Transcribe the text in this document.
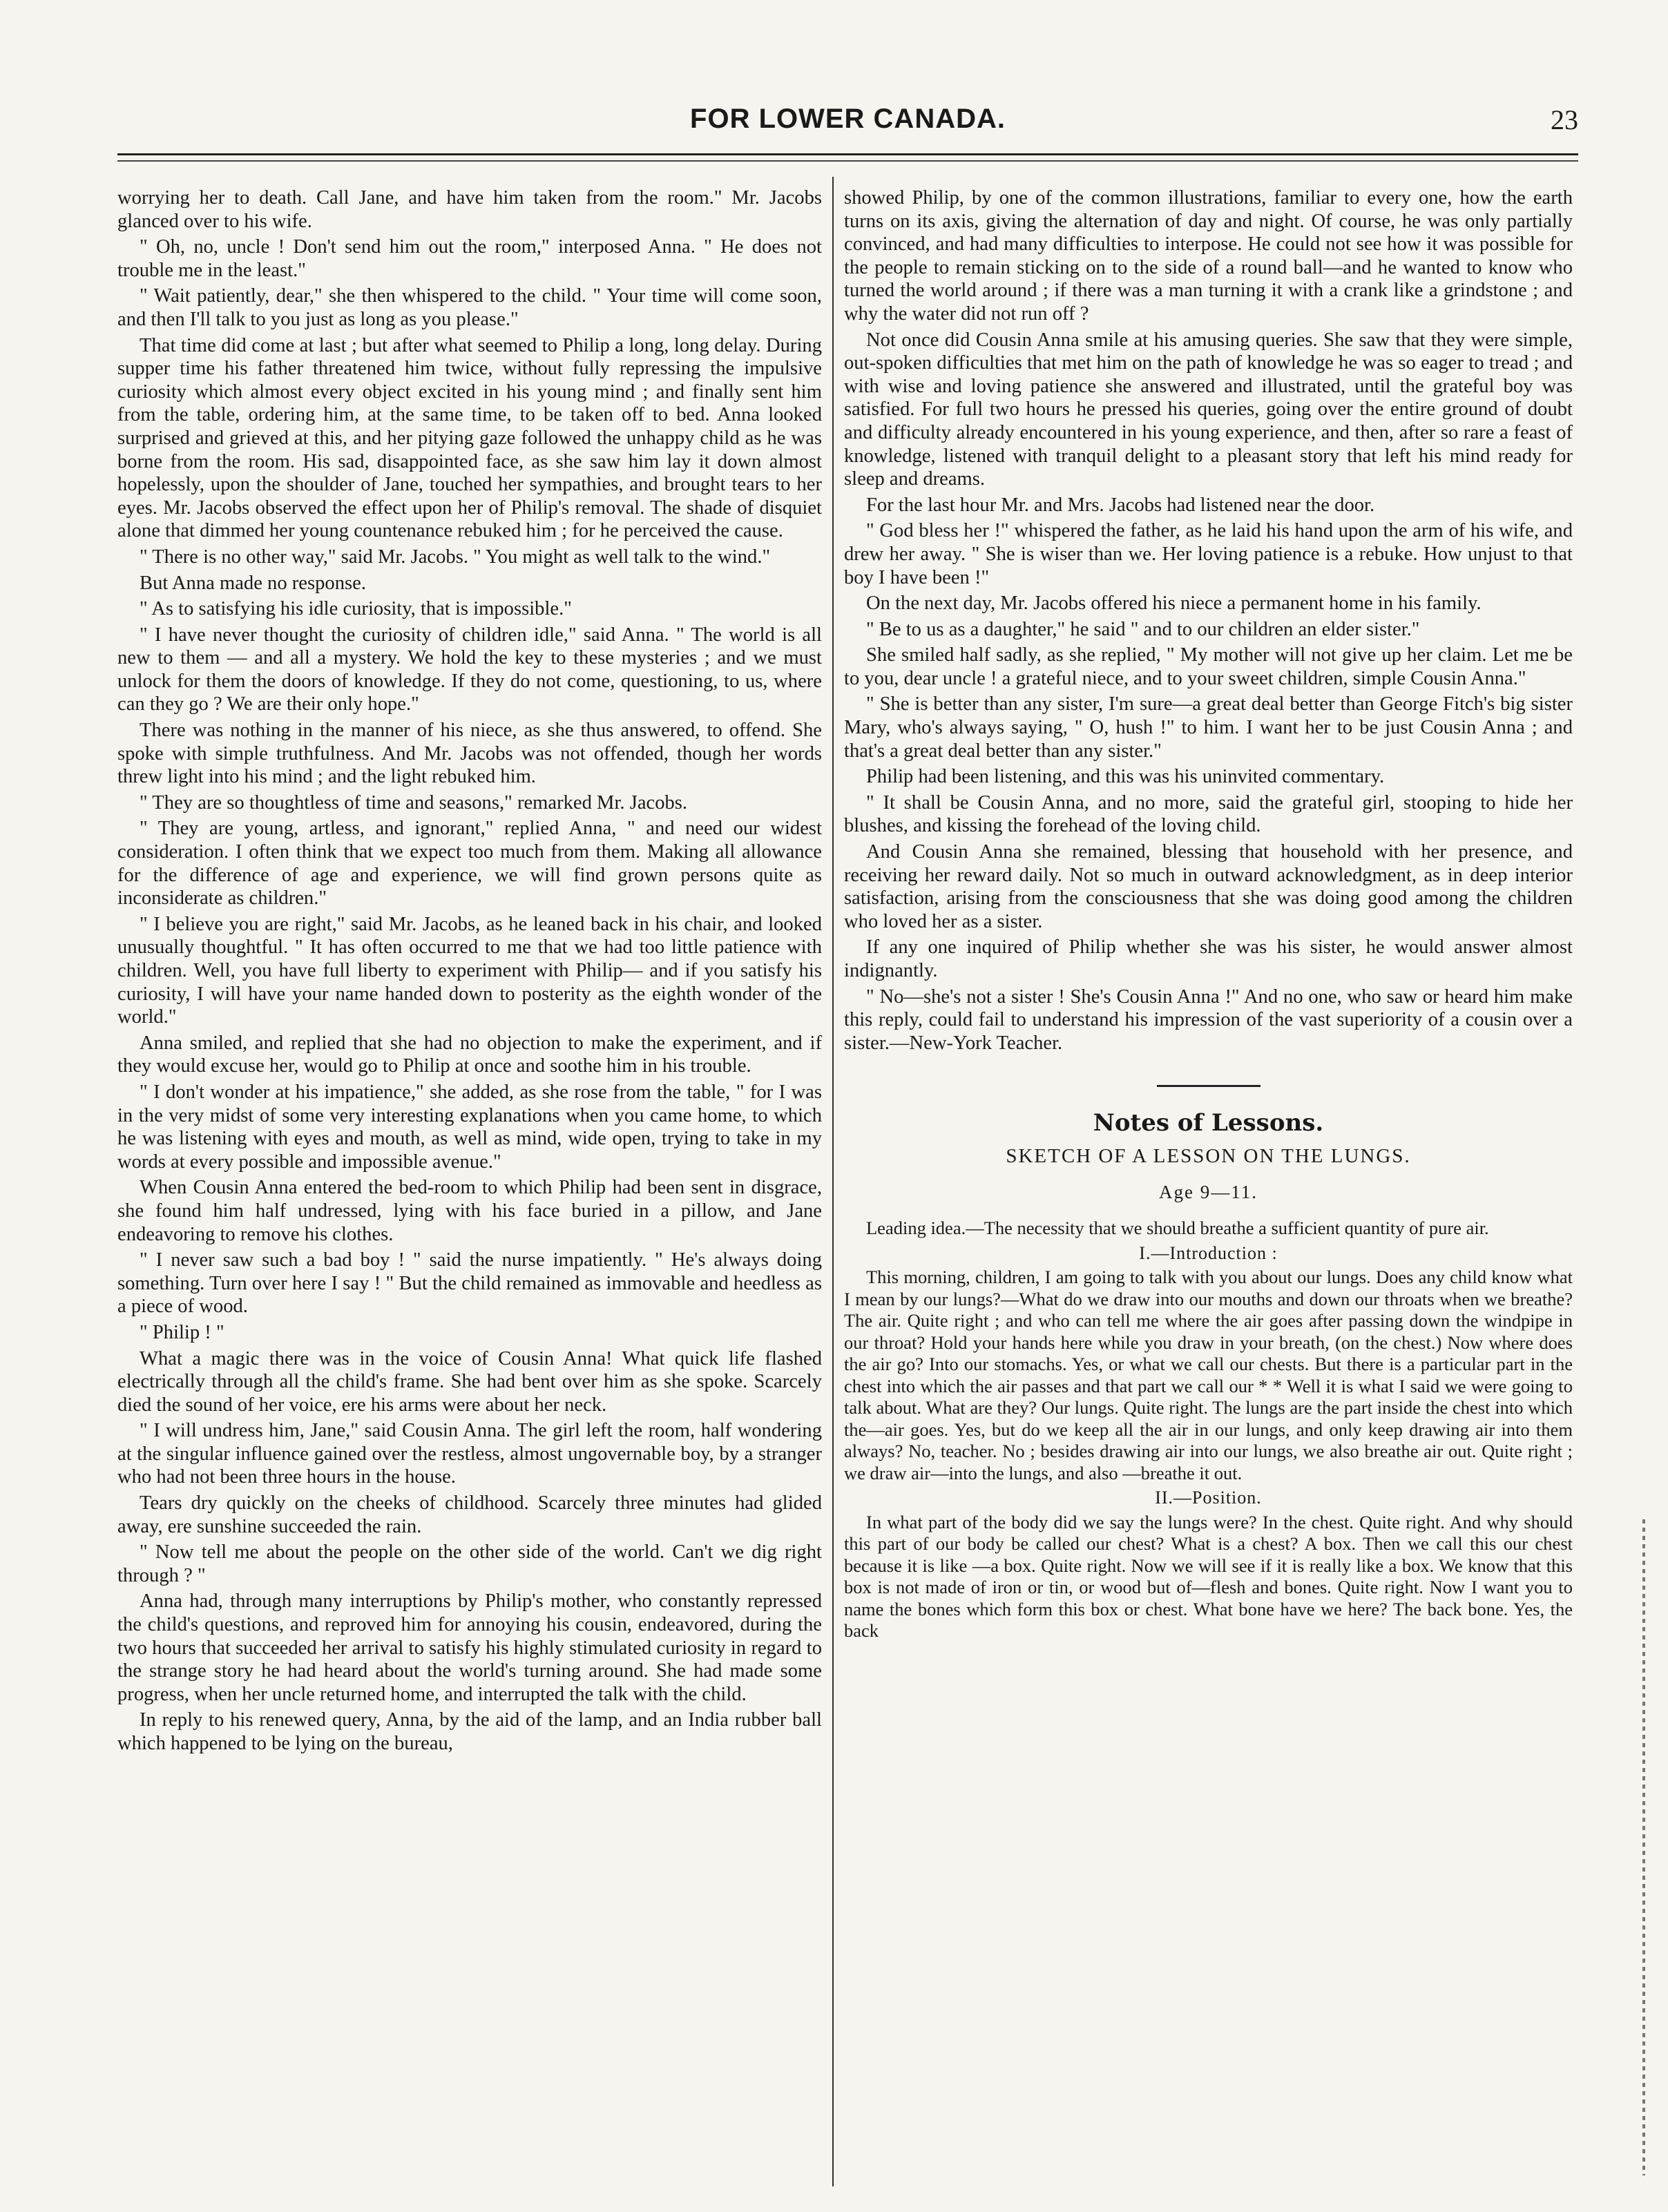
FOR LOWER CANADA.	23

worrying her to death. Call Jane, and have him taken from the room." Mr. Jacobs glanced over to his wife.

" Oh, no, uncle ! Don't send him out the room," interposed Anna. " He does not trouble me in the least."

" Wait patiently, dear," she then whispered to the child. " Your time will come soon, and then I'll talk to you just as long as you please."

That time did come at last ; but after what seemed to Philip a long, long delay. During supper time his father threatened him twice, without fully repressing the impulsive curiosity which almost every object excited in his young mind ; and finally sent him from the table, ordering him, at the same time, to be taken off to bed. Anna looked surprised and grieved at this, and her pitying gaze followed the unhappy child as he was borne from the room. His sad, disappointed face, as she saw him lay it down almost hopelessly, upon the shoulder of Jane, touched her sympathies, and brought tears to her eyes. Mr. Jacobs observed the effect upon her of Philip's removal. The shade of disquiet alone that dimmed her young countenance rebuked him ; for he perceived the cause.

" There is no other way," said Mr. Jacobs. " You might as well talk to the wind."

But Anna made no response.

" As to satisfying his idle curiosity, that is impossible."

" I have never thought the curiosity of children idle," said Anna. " The world is all new to them — and all a mystery. We hold the key to these mysteries ; and we must unlock for them the doors of knowledge. If they do not come, questioning, to us, where can they go ? We are their only hope."

There was nothing in the manner of his niece, as she thus answered, to offend. She spoke with simple truthfulness. And Mr. Jacobs was not offended, though her words threw light into his mind ; and the light rebuked him.

" They are so thoughtless of time and seasons," remarked Mr. Jacobs.

" They are young, artless, and ignorant," replied Anna, " and need our widest consideration. I often think that we expect too much from them. Making all allowance for the difference of age and experience, we will find grown persons quite as inconsiderate as children."

" I believe you are right," said Mr. Jacobs, as he leaned back in his chair, and looked unusually thoughtful. " It has often occurred to me that we had too little patience with children. Well, you have full liberty to experiment with Philip— and if you satisfy his curiosity, I will have your name handed down to posterity as the eighth wonder of the world."

Anna smiled, and replied that she had no objection to make the experiment, and if they would excuse her, would go to Philip at once and soothe him in his trouble.

" I don't wonder at his impatience," she added, as she rose from the table, " for I was in the very midst of some very interesting explanations when you came home, to which he was listening with eyes and mouth, as well as mind, wide open, trying to take in my words at every possible and impossible avenue."

When Cousin Anna entered the bed-room to which Philip had been sent in disgrace, she found him half undressed, lying with his face buried in a pillow, and Jane endeavoring to remove his clothes.

" I never saw such a bad boy ! " said the nurse impatiently. " He's always doing something. Turn over here I say ! " But the child remained as immovable and heedless as a piece of wood.

" Philip ! "

What a magic there was in the voice of Cousin Anna! What quick life flashed electrically through all the child's frame. She had bent over him as she spoke. Scarcely died the sound of her voice, ere his arms were about her neck.

" I will undress him, Jane," said Cousin Anna. The girl left the room, half wondering at the singular influence gained over the restless, almost ungovernable boy, by a stranger who had not been three hours in the house.

Tears dry quickly on the cheeks of childhood. Scarcely three minutes had glided away, ere sunshine succeeded the rain.

" Now tell me about the people on the other side of the world. Can't we dig right through ? "

Anna had, through many interruptions by Philip's mother, who constantly repressed the child's questions, and reproved him for annoying his cousin, endeavored, during the two hours that succeeded her arrival to satisfy his highly stimulated curiosity in regard to the strange story he had heard about the world's turning around. She had made some progress, when her uncle returned home, and interrupted the talk with the child.

In reply to his renewed query, Anna, by the aid of the lamp, and an India rubber ball which happened to be lying on the bureau,

showed Philip, by one of the common illustrations, familiar to every one, how the earth turns on its axis, giving the alternation of day and night. Of course, he was only partially convinced, and had many difficulties to interpose. He could not see how it was possible for the people to remain sticking on to the side of a round ball—and he wanted to know who turned the world around ; if there was a man turning it with a crank like a grindstone ; and why the water did not run off ?

Not once did Cousin Anna smile at his amusing queries. She saw that they were simple, out-spoken difficulties that met him on the path of knowledge he was so eager to tread ; and with wise and loving patience she answered and illustrated, until the grateful boy was satisfied. For full two hours he pressed his queries, going over the entire ground of doubt and difficulty already encountered in his young experience, and then, after so rare a feast of knowledge, listened with tranquil delight to a pleasant story that left his mind ready for sleep and dreams.

For the last hour Mr. and Mrs. Jacobs had listened near the door.

" God bless her !" whispered the father, as he laid his hand upon the arm of his wife, and drew her away. " She is wiser than we. Her loving patience is a rebuke. How unjust to that boy I have been !"

On the next day, Mr. Jacobs offered his niece a permanent home in his family.

" Be to us as a daughter," he said " and to our children an elder sister."

She smiled half sadly, as she replied, " My mother will not give up her claim. Let me be to you, dear uncle ! a grateful niece, and to your sweet children, simple Cousin Anna."

" She is better than any sister, I'm sure—a great deal better than George Fitch's big sister Mary, who's always saying, " O, hush !" to him. I want her to be just Cousin Anna ; and that's a great deal better than any sister."

Philip had been listening, and this was his uninvited commentary.

" It shall be Cousin Anna, and no more, said the grateful girl, stooping to hide her blushes, and kissing the forehead of the loving child.

And Cousin Anna she remained, blessing that household with her presence, and receiving her reward daily. Not so much in outward acknowledgment, as in deep interior satisfaction, arising from the consciousness that she was doing good among the children who loved her as a sister.

If any one inquired of Philip whether she was his sister, he would answer almost indignantly.

" No—she's not a sister ! She's Cousin Anna !" And no one, who saw or heard him make this reply, could fail to understand his impression of the vast superiority of a cousin over a sister.—New-York Teacher.

Notes of Lessons.
SKETCH OF A LESSON ON THE LUNGS.
Age 9—11.

Leading idea.—The necessity that we should breathe a sufficient quantity of pure air.

I.—Introduction :

This morning, children, I am going to talk with you about our lungs. Does any child know what I mean by our lungs?—What do we draw into our mouths and down our throats when we breathe? The air. Quite right ; and who can tell me where the air goes after passing down the windpipe in our throat? Hold your hands here while you draw in your breath, (on the chest.) Now where does the air go? Into our stomachs. Yes, or what we call our chests. But there is a particular part in the chest into which the air passes and that part we call our * * Well it is what I said we were going to talk about. What are they? Our lungs. Quite right. The lungs are the part inside the chest into which the—air goes. Yes, but do we keep all the air in our lungs, and only keep drawing air into them always? No, teacher. No ; besides drawing air into our lungs, we also breathe air out. Quite right ; we draw air—into the lungs, and also —breathe it out.

II.—Position.

In what part of the body did we say the lungs were? In the chest. Quite right. And why should this part of our body be called our chest? What is a chest? A box. Then we call this our chest because it is like —a box. Quite right. Now we will see if it is really like a box. We know that this box is not made of iron or tin, or wood but of—flesh and bones. Quite right. Now I want you to name the bones which form this box or chest. What bone have we here? The back bone. Yes, the back
